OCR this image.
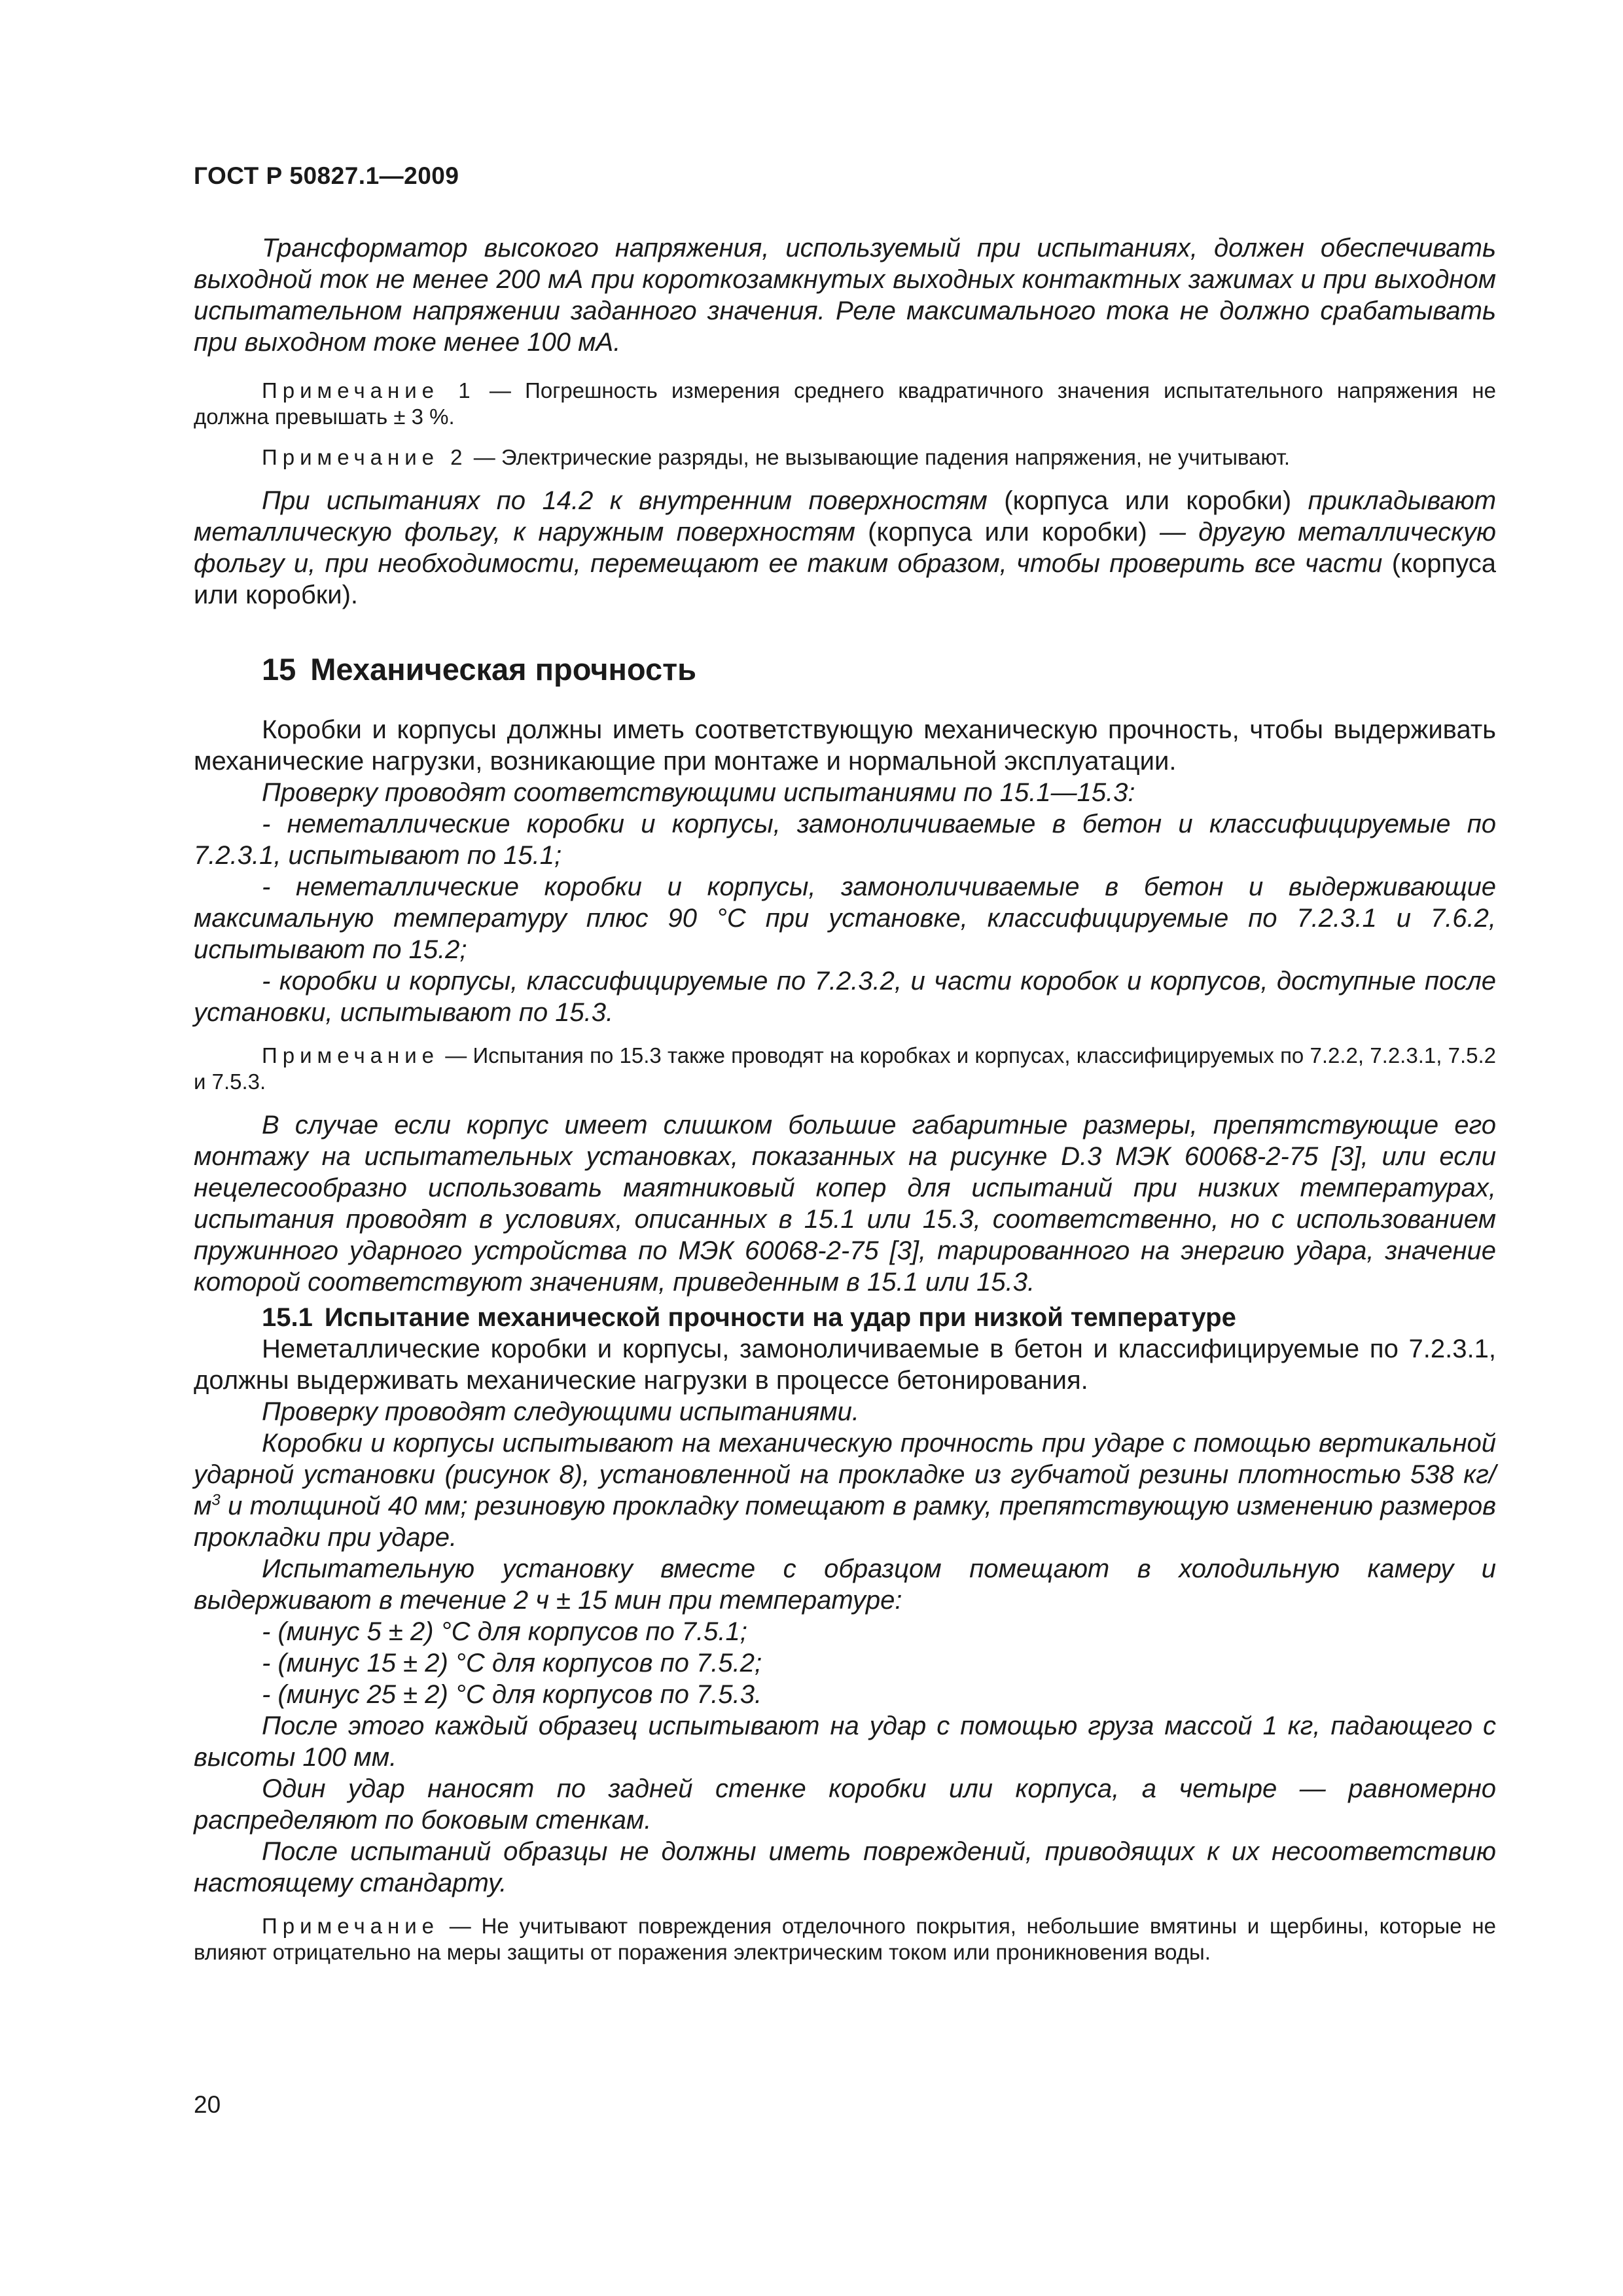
ГОСТ Р 50827.1—2009

Трансформатор высокого напряжения, используемый при испытаниях, должен обеспечивать выходной ток не менее 200 мА при короткозамкнутых выходных контактных зажимах и при выходном испытательном напряжении заданного значения. Реле максимального тока не должно срабатывать при выходном токе менее 100 мА.

Примечание 1 — Погрешность измерения среднего квадратичного значения испытательного напряжения не должна превышать ± 3 %.

Примечание 2 — Электрические разряды, не вызывающие падения напряжения, не учитывают.

При испытаниях по 14.2 к внутренним поверхностям (корпуса или коробки) прикладывают металлическую фольгу, к наружным поверхностям (корпуса или коробки) — другую металлическую фольгу и, при необходимости, перемещают ее таким образом, чтобы проверить все части (корпуса или коробки).

15 Механическая прочность

Коробки и корпусы должны иметь соответствующую механическую прочность, чтобы выдерживать механические нагрузки, возникающие при монтаже и нормальной эксплуатации.

Проверку проводят соответствующими испытаниями по 15.1—15.3:

- неметаллические коробки и корпусы, замоноличиваемые в бетон и классифицируемые по 7.2.3.1, испытывают по 15.1;

- неметаллические коробки и корпусы, замоноличиваемые в бетон и выдерживающие максимальную температуру плюс 90 °С при установке, классифицируемые по 7.2.3.1 и 7.6.2, испытывают по 15.2;

- коробки и корпусы, классифицируемые по 7.2.3.2, и части коробок и корпусов, доступные после установки, испытывают по 15.3.

Примечание — Испытания по 15.3 также проводят на коробках и корпусах, классифицируемых по 7.2.2, 7.2.3.1, 7.5.2 и 7.5.3.

В случае если корпус имеет слишком большие габаритные размеры, препятствующие его монтажу на испытательных установках, показанных на рисунке D.3 МЭК 60068-2-75 [3], или если нецелесообразно использовать маятниковый копер для испытаний при низких температурах, испытания проводят в условиях, описанных в 15.1 или 15.3, соответственно, но с использованием пружинного ударного устройства по МЭК 60068-2-75 [3], тарированного на энергию удара, значение которой соответствуют значениям, приведенным в 15.1 или 15.3.

15.1 Испытание механической прочности на удар при низкой температуре

Неметаллические коробки и корпусы, замоноличиваемые в бетон и классифицируемые по 7.2.3.1, должны выдерживать механические нагрузки в процессе бетонирования.

Проверку проводят следующими испытаниями.

Коробки и корпусы испытывают на механическую прочность при ударе с помощью вертикальной ударной установки (рисунок 8), установленной на прокладке из губчатой резины плотностью 538 $кг/м^3$ и толщиной 40 мм; резиновую прокладку помещают в рамку, препятствующую изменению размеров прокладки при ударе.

Испытательную установку вместе с образцом помещают в холодильную камеру и выдерживают в течение 2 ч ± 15 мин при температуре:

- (минус 5 ± 2) °С для корпусов по 7.5.1;

- (минус 15 ± 2) °С для корпусов по 7.5.2;

- (минус 25 ± 2) °С для корпусов по 7.5.3.

После этого каждый образец испытывают на удар с помощью груза массой 1 кг, падающего с высоты 100 мм.

Один удар наносят по задней стенке коробки или корпуса, а четыре — равномерно распределяют по боковым стенкам.

После испытаний образцы не должны иметь повреждений, приводящих к их несоответствию настоящему стандарту.

Примечание — Не учитывают повреждения отделочного покрытия, небольшие вмятины и щербины, которые не влияют отрицательно на меры защиты от поражения электрическим током или проникновения воды.

20
